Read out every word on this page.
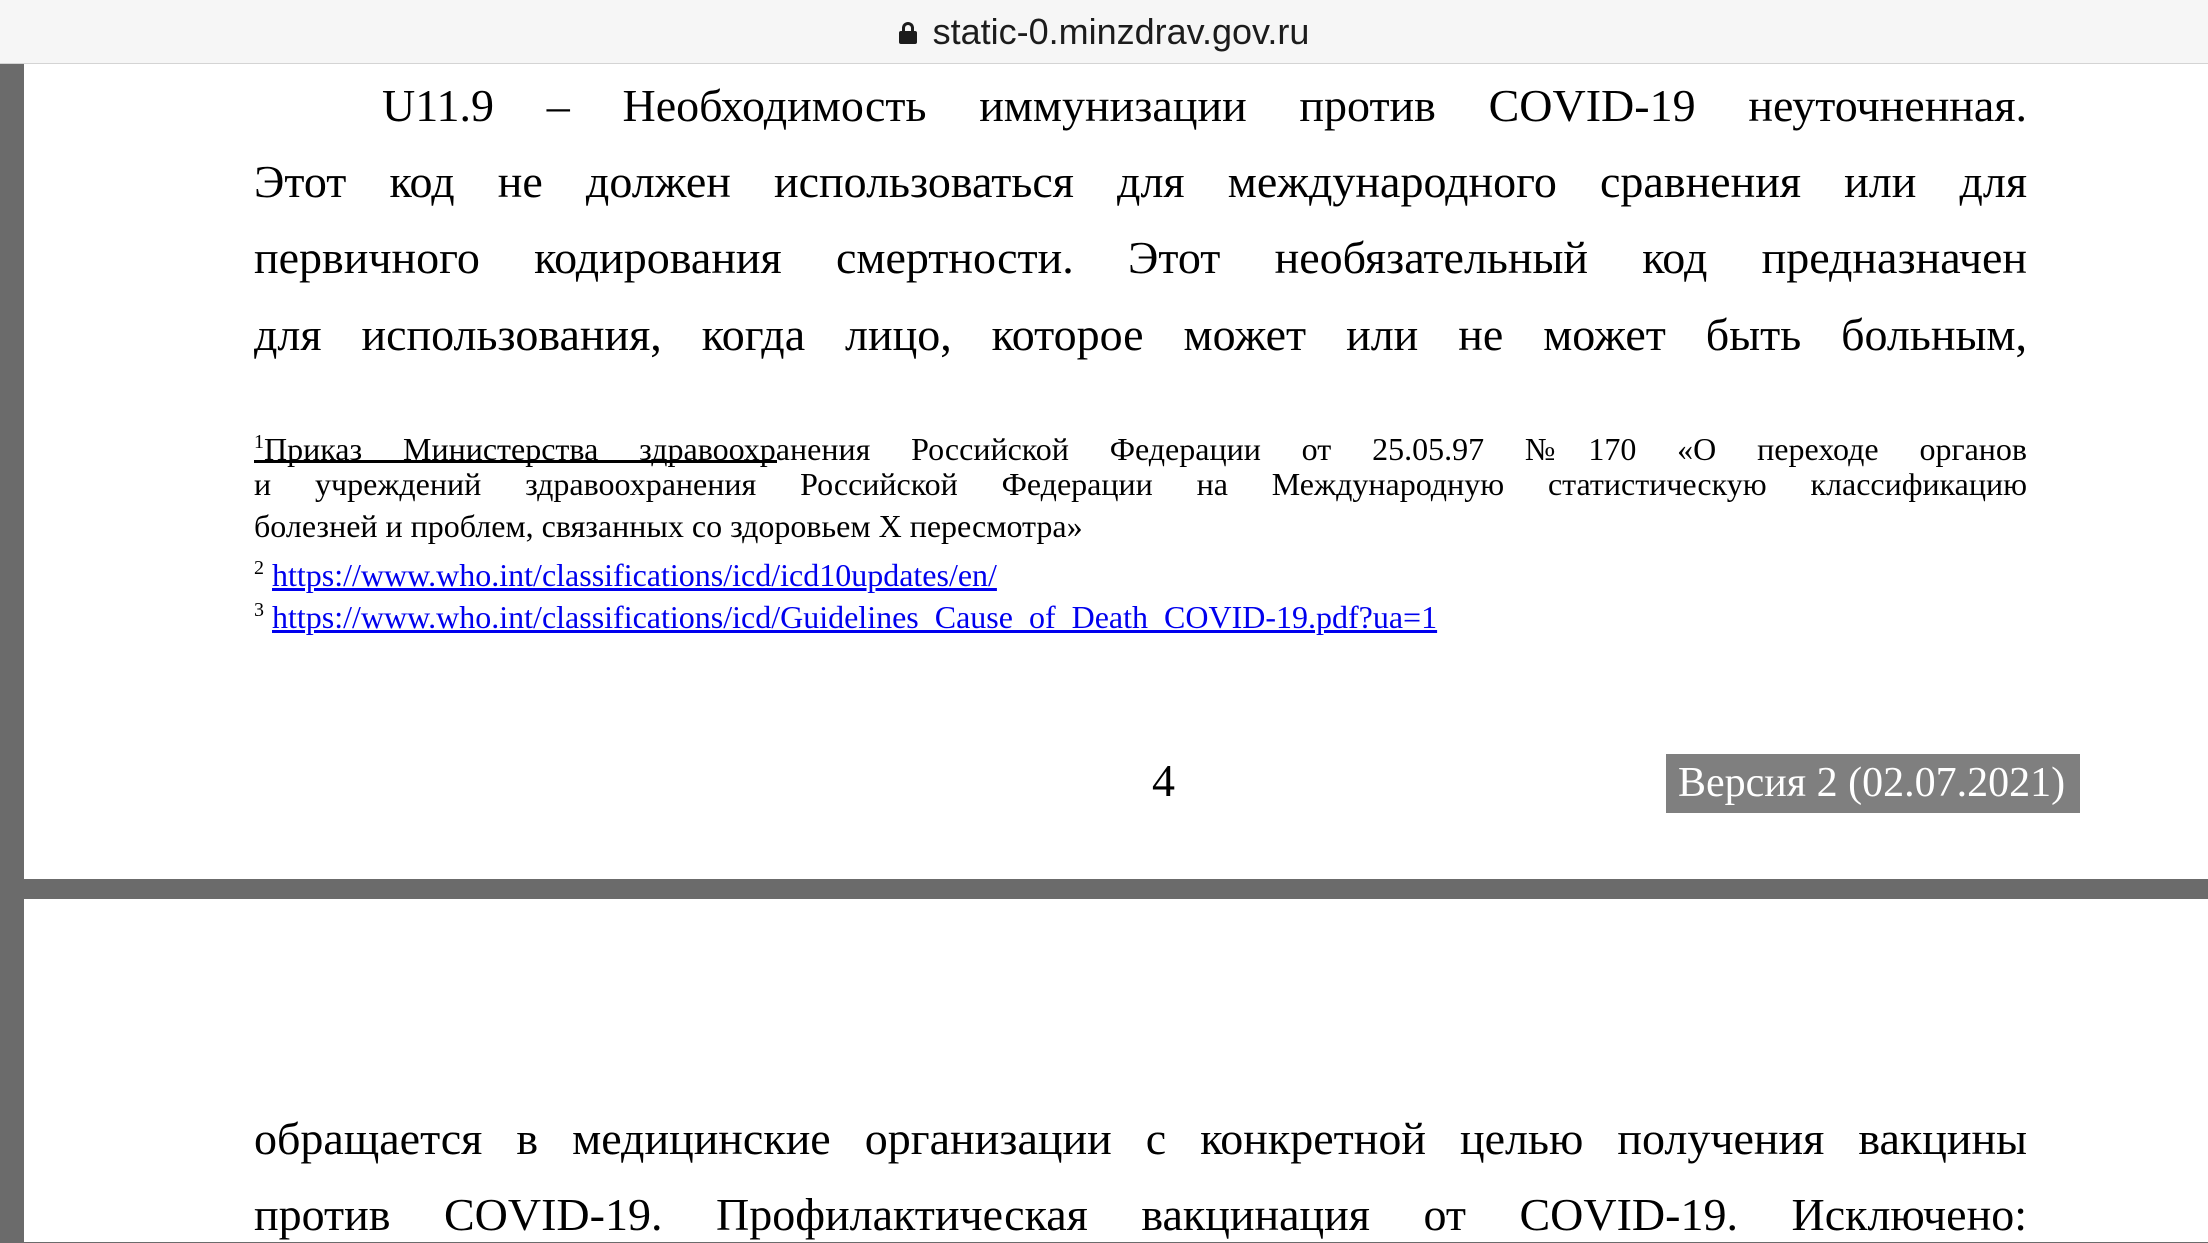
static-0.minzdrav.gov.ru
U11.9 – Необходимость иммунизации против COVID-19 неуточненная.
Этот код не должен использоваться для международного сравнения или для
первичного кодирования смертности. Этот необязательный код предназначен
для использования, когда лицо, которое может или не может быть больным,
$^1$Приказ Министерства здравоохранения Российской Федерации от 25.05.97 №170 «О переходе органов
и учреждений здравоохранения Российской Федерации на Международную статистическую классификацию
болезней и проблем, связанных со здоровьем X пересмотра»
$^2$ https://www.who.int/classifications/icd/icd10updates/en/
$^3$ https://www.who.int/classifications/icd/Guidelines_Cause_of_Death_COVID-19.pdf?ua=1
4	Версия 2 (02.07.2021)
обращается в медицинские организации с конкретной целью получения вакцины
против COVID-19. Профилактическая вакцинация от COVID-19. Исключено:
